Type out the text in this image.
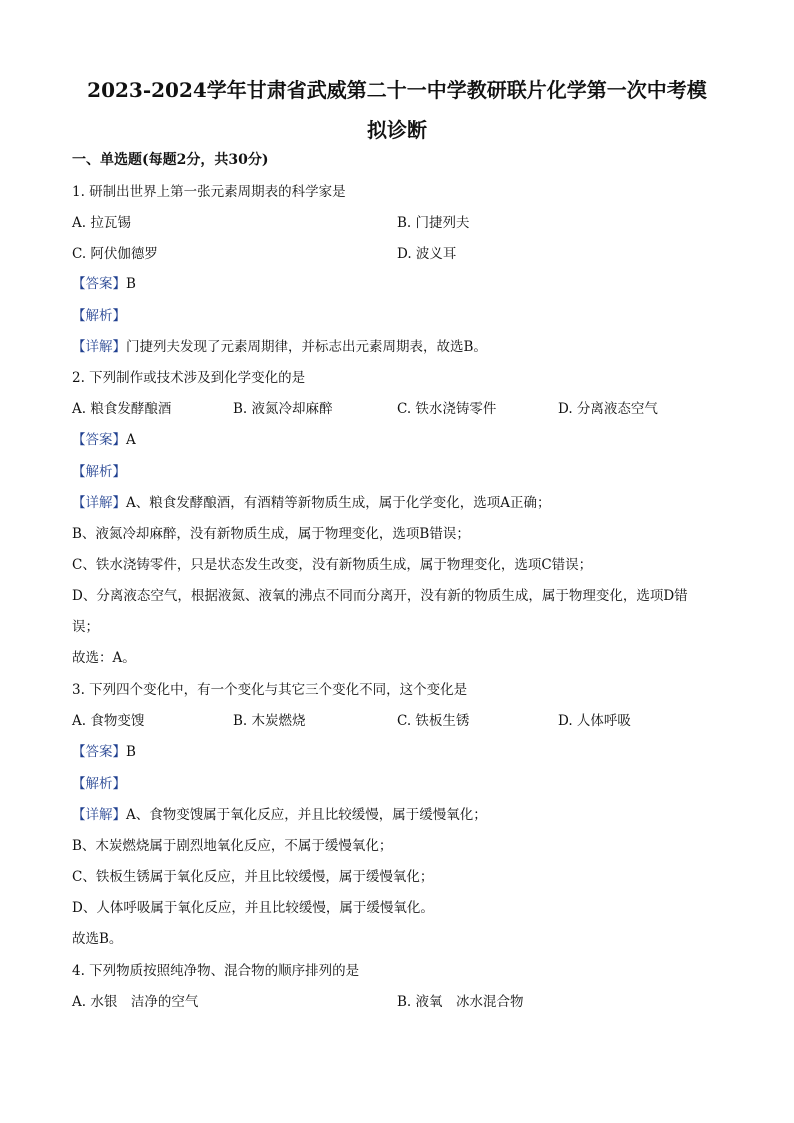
2023-2024学年甘肃省武威第二十一中学教研联片化学第一次中考模
拟诊断
一、单选题(每题2分，共30分)
1. 研制出世界上第一张元素周期表的科学家是
A. 拉瓦锡	B. 门捷列夫
C. 阿伏伽德罗	D. 波义耳
【答案】B
【解析】
【详解】门捷列夫发现了元素周期律，并标志出元素周期表，故选B。
2. 下列制作或技术涉及到化学变化的是
A. 粮食发酵酿酒	B. 液氮冷却麻醉	C. 铁水浇铸零件	D. 分离液态空气
【答案】A
【解析】
【详解】A、粮食发酵酿酒，有酒精等新物质生成，属于化学变化，选项A正确；
B、液氮冷却麻醉，没有新物质生成，属于物理变化，选项B错误；
C、铁水浇铸零件，只是状态发生改变，没有新物质生成，属于物理变化，选项C错误；
D、分离液态空气，根据液氮、液氧的沸点不同而分离开，没有新的物质生成，属于物理变化，选项D错
误；
故选：A。
3. 下列四个变化中，有一个变化与其它三个变化不同，这个变化是
A. 食物变馊	B. 木炭燃烧	C. 铁板生锈	D. 人体呼吸
【答案】B
【解析】
【详解】A、食物变馊属于氧化反应，并且比较缓慢，属于缓慢氧化；
B、木炭燃烧属于剧烈地氧化反应，不属于缓慢氧化；
C、铁板生锈属于氧化反应，并且比较缓慢，属于缓慢氧化；
D、人体呼吸属于氧化反应，并且比较缓慢，属于缓慢氧化。
故选B。
4. 下列物质按照纯净物、混合物的顺序排列的是
A. 水银　洁净的空气	B. 液氧　冰水混合物
